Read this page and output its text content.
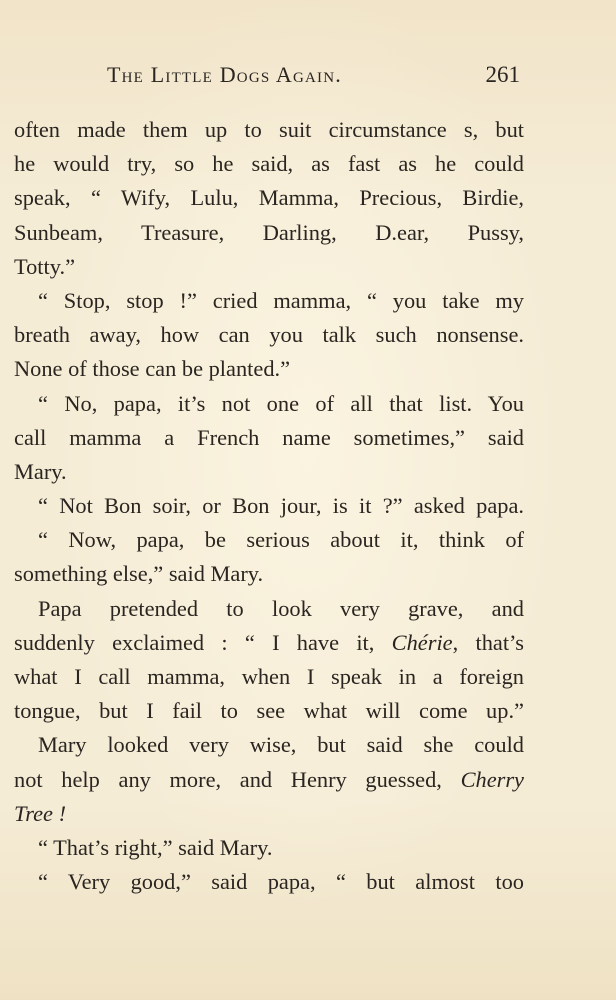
The Little Dogs Again.	261
often made them up to suit circumstance s, but
he would try, so he said, as fast as he could
speak, “ Wify, Lulu, Mamma, Precious, Birdie,
Sunbeam, Treasure, Darling, D.ear, Pussy,
Totty.”
“ Stop, stop !” cried mamma, “ you take my
breath away, how can you talk such nonsense.
None of those can be planted.”
“ No, papa, it’s not one of all that list. You
call mamma a French name sometimes,” said
Mary.
“ Not Bon soir, or Bon jour, is it ?” asked papa.
“ Now, papa, be serious about it, think of
something else,” said Mary.
Papa pretended to look very grave, and
suddenly exclaimed : “ I have it, Chérie, that’s
what I call mamma, when I speak in a foreign
tongue, but I fail to see what will come up.”
Mary looked very wise, but said she could
not help any more, and Henry guessed, Cherry
Tree !
“ That’s right,” said Mary.
“ Very good,” said papa, “ but almost too
